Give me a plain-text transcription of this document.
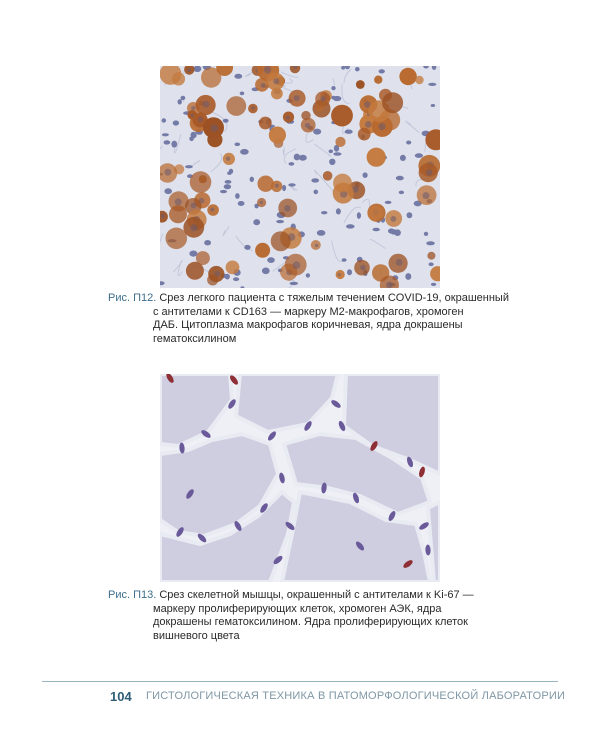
Рис. П12. Срез легкого пациента с тяжелым течением COVID-19, окрашенный
с антителами к CD163 — маркеру М2-макрофагов, хромоген
ДАБ. Цитоплазма макрофагов коричневая, ядра докрашены
гематоксилином
Рис. П13. Срез скелетной мышцы, окрашенный с антителами к Ki-67 —
маркеру пролиферирующих клеток, хромоген АЭК, ядра
докрашены гематоксилином. Ядра пролиферирующих клеток
вишневого цвета
104 ГИСТОЛОГИЧЕСКАЯ ТЕХНИКА В ПАТОМОРФОЛОГИЧЕСКОЙ ЛАБОРАТОРИИ
